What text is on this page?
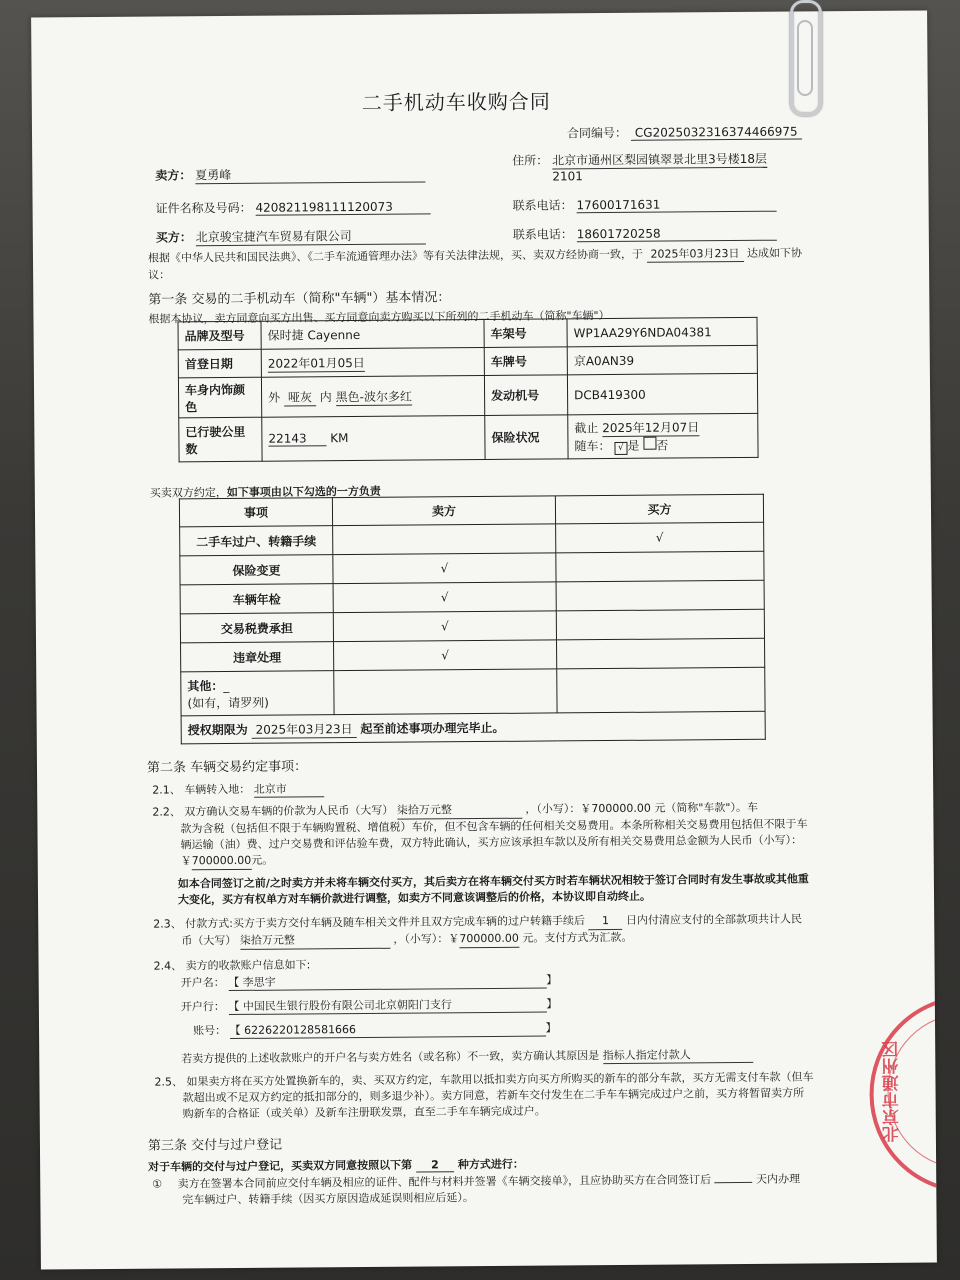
二手机动车收购合同
合同编号： CG20250323163744669​75
卖方： 夏勇峰
住所： 北京市通州区梨园镇翠景北里3号楼18层
2101
证件名称及号码： 420821198111120073	联系电话： 17600171631
买方： 北京骏宝捷汽车贸易有限公司	联系电话： 18601720258
根据《中华人民共和国民法典》、《二手车流通管理办法》等有关法律法规，买、卖双方经协商一致，于 2025年03月23日 达成如下协
议：
第一条 交易的二手机动车（简称"车辆"）基本情况：
根据本协议，卖方同意向买方出售、买方同意向卖方购买以下所列的二手机动车（简称"车辆"）
品牌及型号	保时捷 Cayenne	车架号	WP1AA29Y6NDA04381
首登日期	2022年01月05日	车牌号	京A0AN39
车身内饰颜色	外 哑灰 内 黑色-波尔多红	发动机号	DCB419300
已行驶公里数	22143 KM	保险状况	截止 2025年12月07日
随车： √ 是 否
买卖双方约定，如下事项由以下勾选的一方负责
事项	卖方	买方
二手车过户、转籍手续		√
保险变更	√	
车辆年检	√	
交易税费承担	√	
违章处理	√	
其他：_
(如有，请罗列)		
授权期限为 2025年03月23日 起至前述事项办理完毕止。		
第二条 车辆交易约定事项：
2.1、 车辆转入地： 北京市
2.2、 双方确认交易车辆的价款为人民币（大写） 柒拾万元整	，（小写）：￥700000.00 元（简称"车款"）。车
款为含税（包括但不限于车辆购置税、增值税）车价，但不包含车辆的任何相关交易费用。本条所称相关交易费用包括但不限于车
辆运输（油）费、过户交易费和评估验车费，双方特此确认，买方应该承担车款以及所有相关交易费用总金额为人民币（小写）：
￥700000.00元。
如本合同签订之前/之时卖方并未将车辆交付买方，其后卖方在将车辆交付买方时若车辆状况相较于签订合同时有发生事故或其他重
大变化，买方有权单方对车辆价款进行调整，如卖方不同意该调整后的价格，本协议即自动终止。
2.3、 付款方式:买方于卖方交付车辆及随车相关文件并且双方完成车辆的过户转籍手续后 1 日内付清应支付的全部款项共计人民
币（大写） 柒拾万元整	，（小写）：￥700000.00 元。支付方式为汇款。
2.4、 卖方的收款账户信息如下:
开户名： 【 李思宇	】
开户行： 【 中国民生银行股份有限公司北京朝阳门支行	】
账号： 【 6226220128581666	】
若卖方提供的上述收款账户的开户名与卖方姓名（或名称）不一致，卖方确认其原因是 指标人指定付款人
2.5、 如果卖方将在买方处置换新车的，卖、买双方约定，车款用以抵扣卖方向买方所购买的新车的部分车款，买方无需支付车款（但车
款超出或不足双方约定的抵扣部分的，则多退少补）。卖方同意，若新车交付发生在二手车车辆完成过户之前，买方将暂留卖方所
购新车的合格证（或关单）及新车注册联发票，直至二手车车辆完成过户。
第三条 交付与过户登记
对于车辆的交付与过户登记，买卖双方同意按照以下第 2 种方式进行：
① 卖方在签署本合同前应交付车辆及相应的证件、配件与材料并签署《车辆交接单》，且应协助买方在合同签订后	天内办理
完车辆过户、转籍手续（因买方原因造成延误则相应后延）。
北京市通州区
